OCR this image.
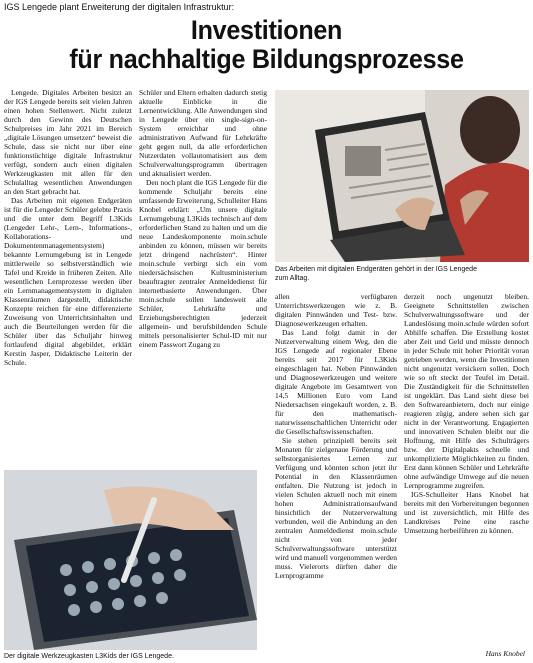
IGS Lengede plant Erweiterung der digitalen Infrastruktur:
Investitionen
für nachhaltige Bildungsprozesse

Lengede. Digitales Arbeiten besitzt an der IGS Lengede bereits seit vielen Jahren einen hohen Stellenwert. Nicht zuletzt durch den Gewinn des Deutschen Schulpreises im Jahr 2021 im Bereich „digitale Lösungen umsetzen“ beweist die Schule, dass sie nicht nur über eine funktionstüchtige digitale Infrastruktur verfügt, sondern auch einen digitalen Werkzeugkasten mit allen für den Schulalltag wesentlichen Anwendungen an den Start gebracht hat.

Das Arbeiten mit eigenen Endgeräten ist für die Lengeder Schüler gelebte Praxis und die unter dem Begriff L3Kids (Lengeder Lehr-, Lern-, Informations-, Kollaborations- und Dokumentenmanagementsystem) bekannte Lernumgebung ist in Lengede mittlerweile so selbstverständlich wie Tafel und Kreide in früheren Zeiten. Alle wesentlichen Lernprozesse werden über ein Lernmanagementsystem in digitalen Klassenräumen dargestellt, didaktische Konzepte reichen für eine differenzierte Zuweisung von Unterrichtsinhalten und auch die Beurteilungen werden für die Schüler über das Schuljahr hinweg fortlaufend digital abgebildet, erklärt Kerstin Jasper, Didaktische Leiterin der Schule.

Schüler und Eltern erhalten dadurch stetig aktuelle Einblicke in die Lernentwicklung. Alle Anwendungen sind in Lengede über ein single-sign-on-System erreichbar und ohne administrativen Aufwand für Lehrkräfte geht gegen null, da alle erforderlichen Nutzerdaten vollautomatisiert aus dem Schulverwaltungsprogramm übertragen und aktualisiert werden.

Den noch plant die IGS Lengede für die kommende Schuljahr bereits eine umfassende Erweiterung, Schulleiter Hans Knobel erklärt: „Um unsere digitale Lernumgebung L3Kids technisch auf dem erforderlichen Stand zu halten und um die neue Landeskomponente moin.schule anbinden zu können, müssen wir bereits jetzt dringend nachrüsten“. Hinter moin.schule verbirgt sich ein vom niedersächsischen Kultusministerium beauftragter zentraler Anmeldedienst für internetbasierte Anwendungen. Über moin.schule sollen landesweit alle Schüler, Lehrkräfte und Erziehungsberechtigten jederzeit allgemein- und berufsbildenden Schule mittels personalisierter Schul-ID mit nur einem Passwort Zugang zu

Das Arbeiten mit digitalen Endgeräten gehört in der IGS Lengede
zum Alltag.

allen verfügbaren Unterrichtswerkzeugen wie z. B. digitalen Pinnwänden und Test- bzw. Diagnosewerkzeugen erhalten.

Das Land folgt damit in der Nutzerverwaltung einem Weg, den die IGS Lengede auf regionaler Ebene bereits seit 2017 für L3Kids eingeschlagen hat. Neben Pinnwänden und Diagnosewerkzeugen und weitere digitale Angebote im Gesamtwert von 14,5 Millionen Euro vom Land Niedersachsen eingekauft worden, z. B. für den mathematisch-naturwissenschaftlichen Unterricht oder die Gesellschaftswissenschaften.

Sie stehen prinzipiell bereits seit Monaten für zielgenaue Förderung und selbstorganisiertes Lernen zur Verfügung und könnten schon jetzt ihr Potential in den Klassenräumen entfalten. Die Nutzung ist jedoch in vielen Schulen aktuell noch mit einem hohen Administrationsaufwand hinsichtlich der Nutzerverwaltung verbunden, weil die Anbindung an den zentralen Anmeldedienst moin.schule nicht von jeder Schulverwaltungssoftware unterstützt wird und manuell vorgenommen werden muss. Vielerorts dürften daher die Lernprogramme

derzeit noch ungenutzt bleiben. Geeignete Schnittstellen zwischen Schulverwaltungssoftware und der Landeslösung moin.schule würden sofort Abhilfe schaffen. Die Erstellung kostet aber Zeit und Geld und müsste dennoch in jeder Schule mit hoher Priorität voran getrieben werden, wenn die Investitionen nicht ungenutzt versickern sollen. Doch wie so oft steckt der Teufel im Detail. Die Zuständigkeit für die Schnittstellen ist ungeklärt. Das Land sieht diese bei den Softwareanbietern, doch nur einige reagieren zügig, andere sehen sich gar nicht in der Verantwortung. Engagierten und innovativen Schulen bleibt nur die Hoffnung, mit Hilfe des Schulträgers bzw. der Digitalpakts schnelle und unkomplizierte Möglichkeiten zu finden. Erst dann können Schüler und Lehrkräfte ohne aufwändige Umwege auf die neuen Lernprogramme zugreifen.

IGS-Schulleiter Hans Knobel hat bereits mit den Vorbereitungen begonnen und ist zuversichtlich, mit Hilfe des Landkreises Peine eine rasche Umsetzung herbeiführen zu können.

Der digitale Werkzeugkasten L3Kids der IGS Lengede.	Hans Knobel
